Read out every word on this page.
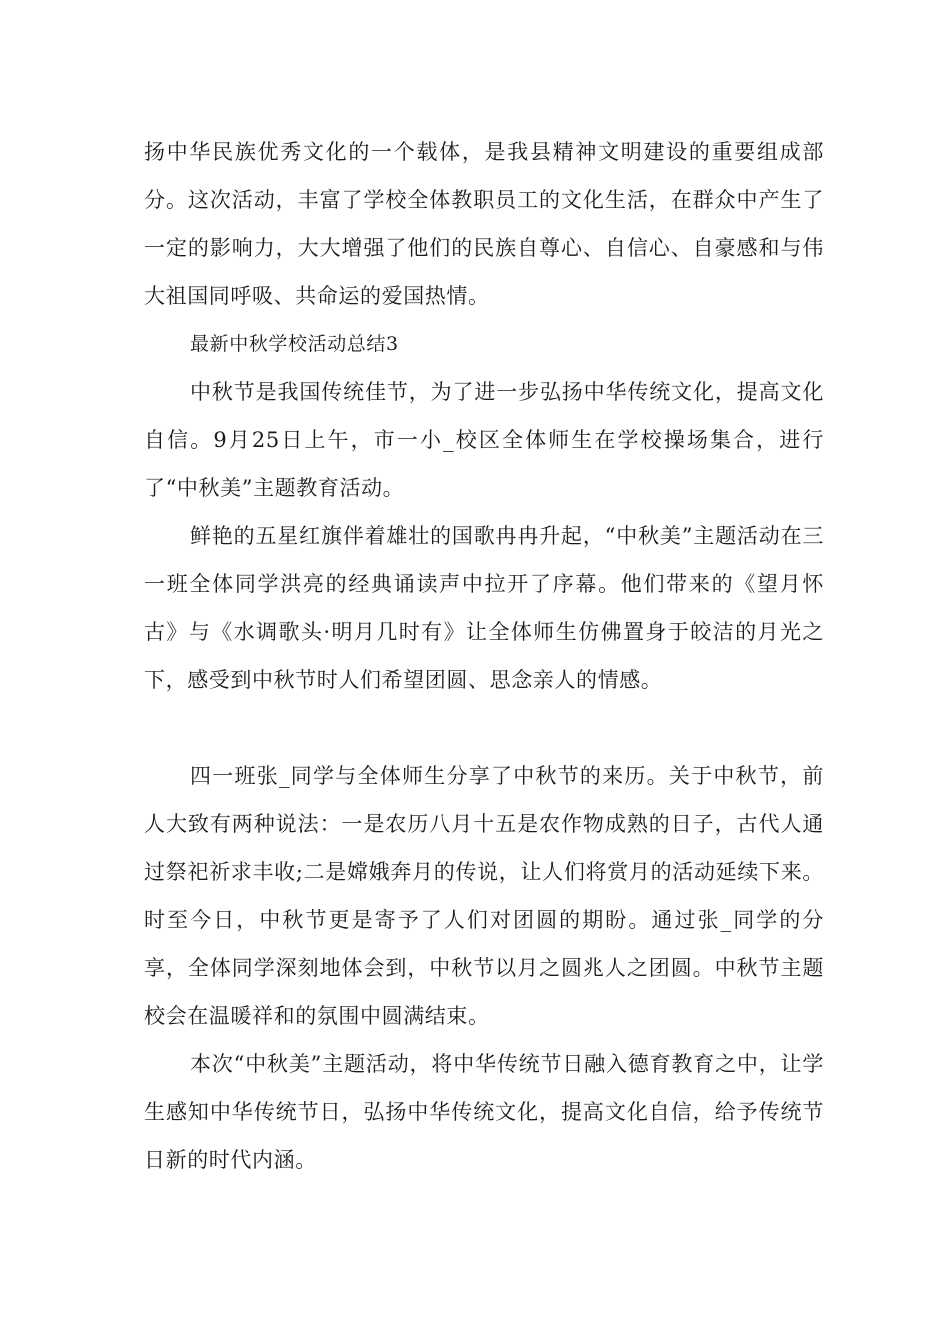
扬中华民族优秀文化的一个载体，是我县精神文明建设的重要组成部分。这次活动，丰富了学校全体教职员工的文化生活，在群众中产生了一定的影响力，大大增强了他们的民族自尊心、自信心、自豪感和与伟大祖国同呼吸、共命运的爱国热情。

最新中秋学校活动总结3

中秋节是我国传统佳节，为了进一步弘扬中华传统文化，提高文化自信。9月25日上午，市一小_校区全体师生在学校操场集合，进行了“中秋美”主题教育活动。

鲜艳的五星红旗伴着雄壮的国歌冉冉升起，“中秋美”主题活动在三一班全体同学洪亮的经典诵读声中拉开了序幕。他们带来的《望月怀古》与《水调歌头·明月几时有》让全体师生仿佛置身于皎洁的月光之下，感受到中秋节时人们希望团圆、思念亲人的情感。

四一班张_同学与全体师生分享了中秋节的来历。关于中秋节，前人大致有两种说法：一是农历八月十五是农作物成熟的日子，古代人通过祭祀祈求丰收;二是嫦娥奔月的传说，让人们将赏月的活动延续下来。时至今日，中秋节更是寄予了人们对团圆的期盼。通过张_同学的分享，全体同学深刻地体会到，中秋节以月之圆兆人之团圆。中秋节主题校会在温暖祥和的氛围中圆满结束。

本次“中秋美”主题活动，将中华传统节日融入德育教育之中，让学生感知中华传统节日，弘扬中华传统文化，提高文化自信，给予传统节日新的时代内涵。
